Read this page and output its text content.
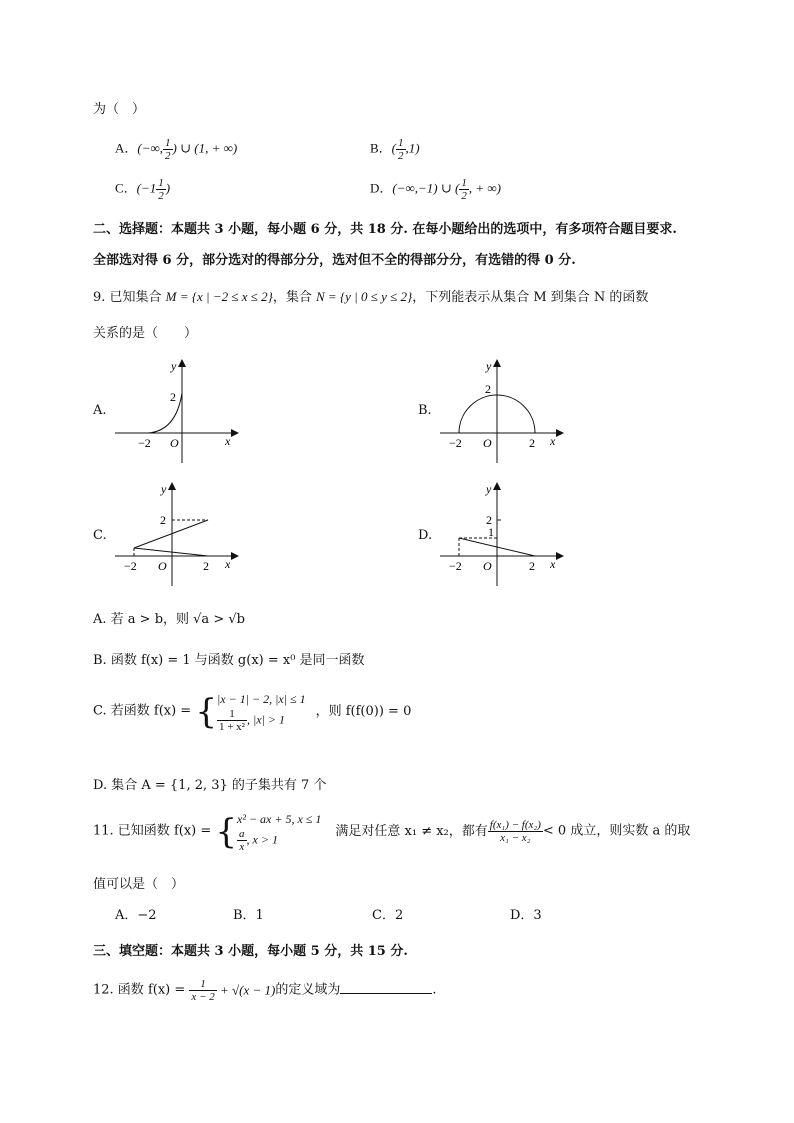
为（　）
A．(−∞, $\frac{1}{2}$ ) ∪ (1, + ∞)	B．( $\frac{1}{2} ,1$)
C．($-1 \frac{1}{2}$ )	D．(−∞,−1) ∪ ( $\frac{1}{2}$ , + ∞)
二、选择题：本题共 3 小题，每小题 6 分，共 18 分. 在每小题给出的选项中，有多项符合题目要求.
全部选对得 6 分，部分选对的得部分分，选对但不全的得部分分，有选错的得 0 分.
9. 已知集合 M = {x | −2 ≤ x ≤ 2}，集合 N = {y | 0 ≤ y ≤ 2}，下列能表示从集合 M 到集合 N 的函数
关系的是（　　）
A.	B.
C.	D.
y
2
−2 O	x
y
2
−2 O	2 x
y
2
−2 O	2 x
y
2
1
−2 O	2 x
A. 若 a > b，则 √a > √b
B. 函数 f(x) = 1 与函数 g(x) = x⁰ 是同一函数
C. 若函数 f(x) = { |x − 1| − 2, |x| ≤ 1
$\frac{1}{\text{1 + x²}}$ , |x| > 1
，则 f(f(0)) = 0
D. 集合 A = {1, 2, 3} 的子集共有 7 个
11. 已知函数 f(x) = { x² − ax + 5, x ≤ 1
$\frac{a}{x}$ , x > 1
满足对任意 x₁ ≠ x₂，都有 $\frac{\text{f(x₁) − f(x₂)}}{\text{x₁ − x₂}} < 0$ 成立，则实数 a 的取
值可以是（　）
A．−2	B．1	C．2	D．3
三、填空题：本题共 3 小题，每小题 5 分，共 15 分.
12. 函数 $f(x) = \frac{1}{x - 2} + √(x - 1)$的定义域为	.
